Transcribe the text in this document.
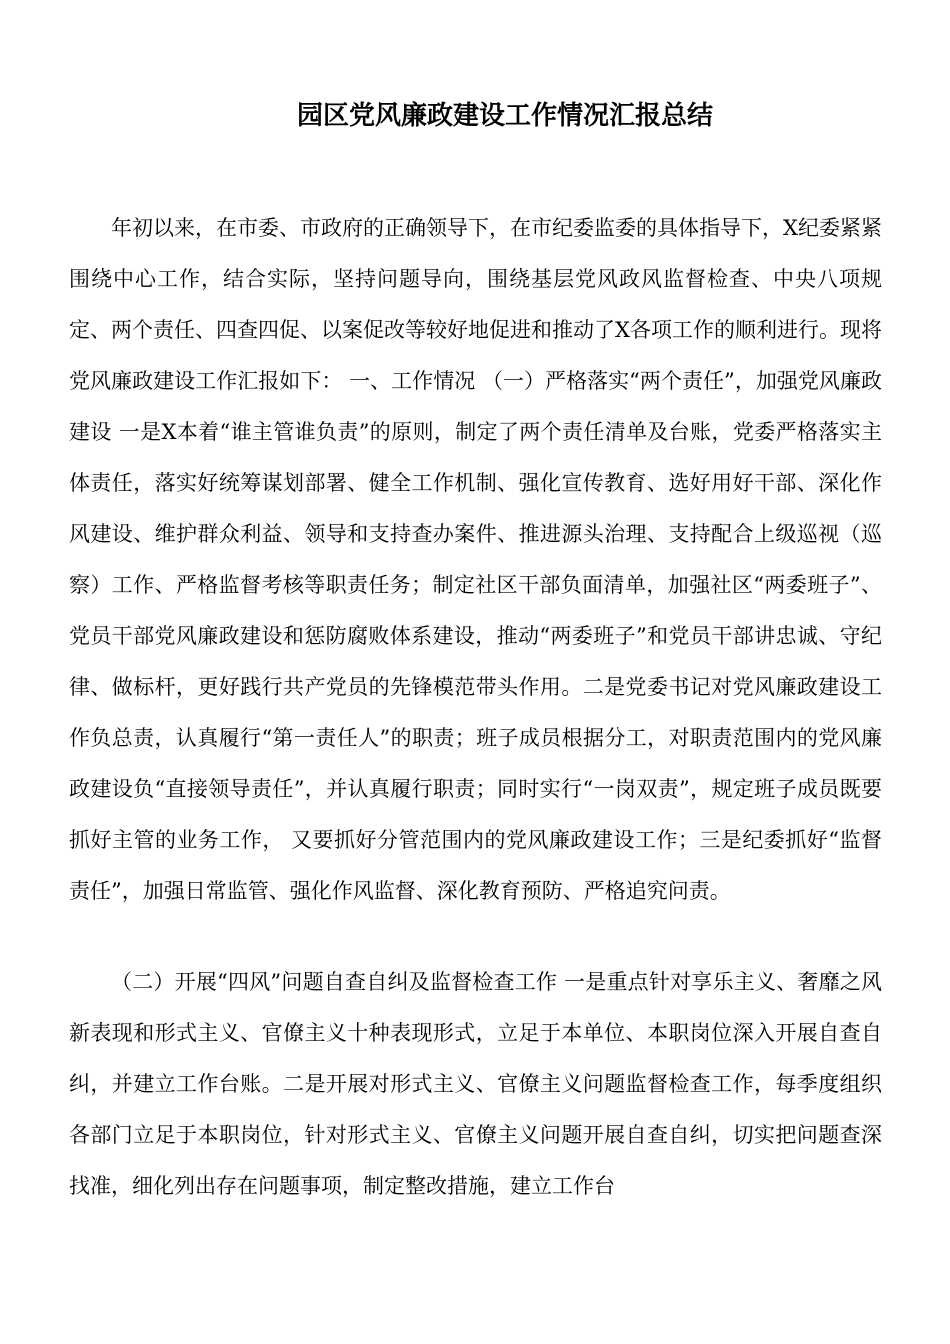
园区党风廉政建设工作情况汇报总结

年初以来，在市委、市政府的正确领导下，在市纪委监委的具体指导下，X纪委紧紧围绕中心工作，结合实际，坚持问题导向，围绕基层党风政风监督检查、中央八项规定、两个责任、四查四促、以案促改等较好地促进和推动了X各项工作的顺利进行。现将党风廉政建设工作汇报如下： 一、工作情况 （一）严格落实“两个责任”，加强党风廉政建设 一是X本着“谁主管谁负责”的原则，制定了两个责任清单及台账，党委严格落实主体责任，落实好统筹谋划部署、健全工作机制、强化宣传教育、选好用好干部、深化作风建设、维护群众利益、领导和支持查办案件、推进源头治理、支持配合上级巡视（巡察）工作、严格监督考核等职责任务；制定社区干部负面清单，加强社区“两委班子”、党员干部党风廉政建设和惩防腐败体系建设，推动“两委班子”和党员干部讲忠诚、守纪律、做标杆，更好践行共产党员的先锋模范带头作用。二是党委书记对党风廉政建设工作负总责，认真履行“第一责任人”的职责；班子成员根据分工，对职责范围内的党风廉政建设负“直接领导责任”，并认真履行职责；同时实行“一岗双责”，规定班子成员既要抓好主管的业务工作， 又要抓好分管范围内的党风廉政建设工作；三是纪委抓好“监督责任”，加强日常监管、强化作风监督、深化教育预防、严格追究问责。

（二）开展“四风”问题自查自纠及监督检查工作 一是重点针对享乐主义、奢靡之风新表现和形式主义、官僚主义十种表现形式，立足于本单位、本职岗位深入开展自查自纠，并建立工作台账。二是开展对形式主义、官僚主义问题监督检查工作，每季度组织各部门立足于本职岗位，针对形式主义、官僚主义问题开展自查自纠，切实把问题查深找准，细化列出存在问题事项，制定整改措施，建立工作台
